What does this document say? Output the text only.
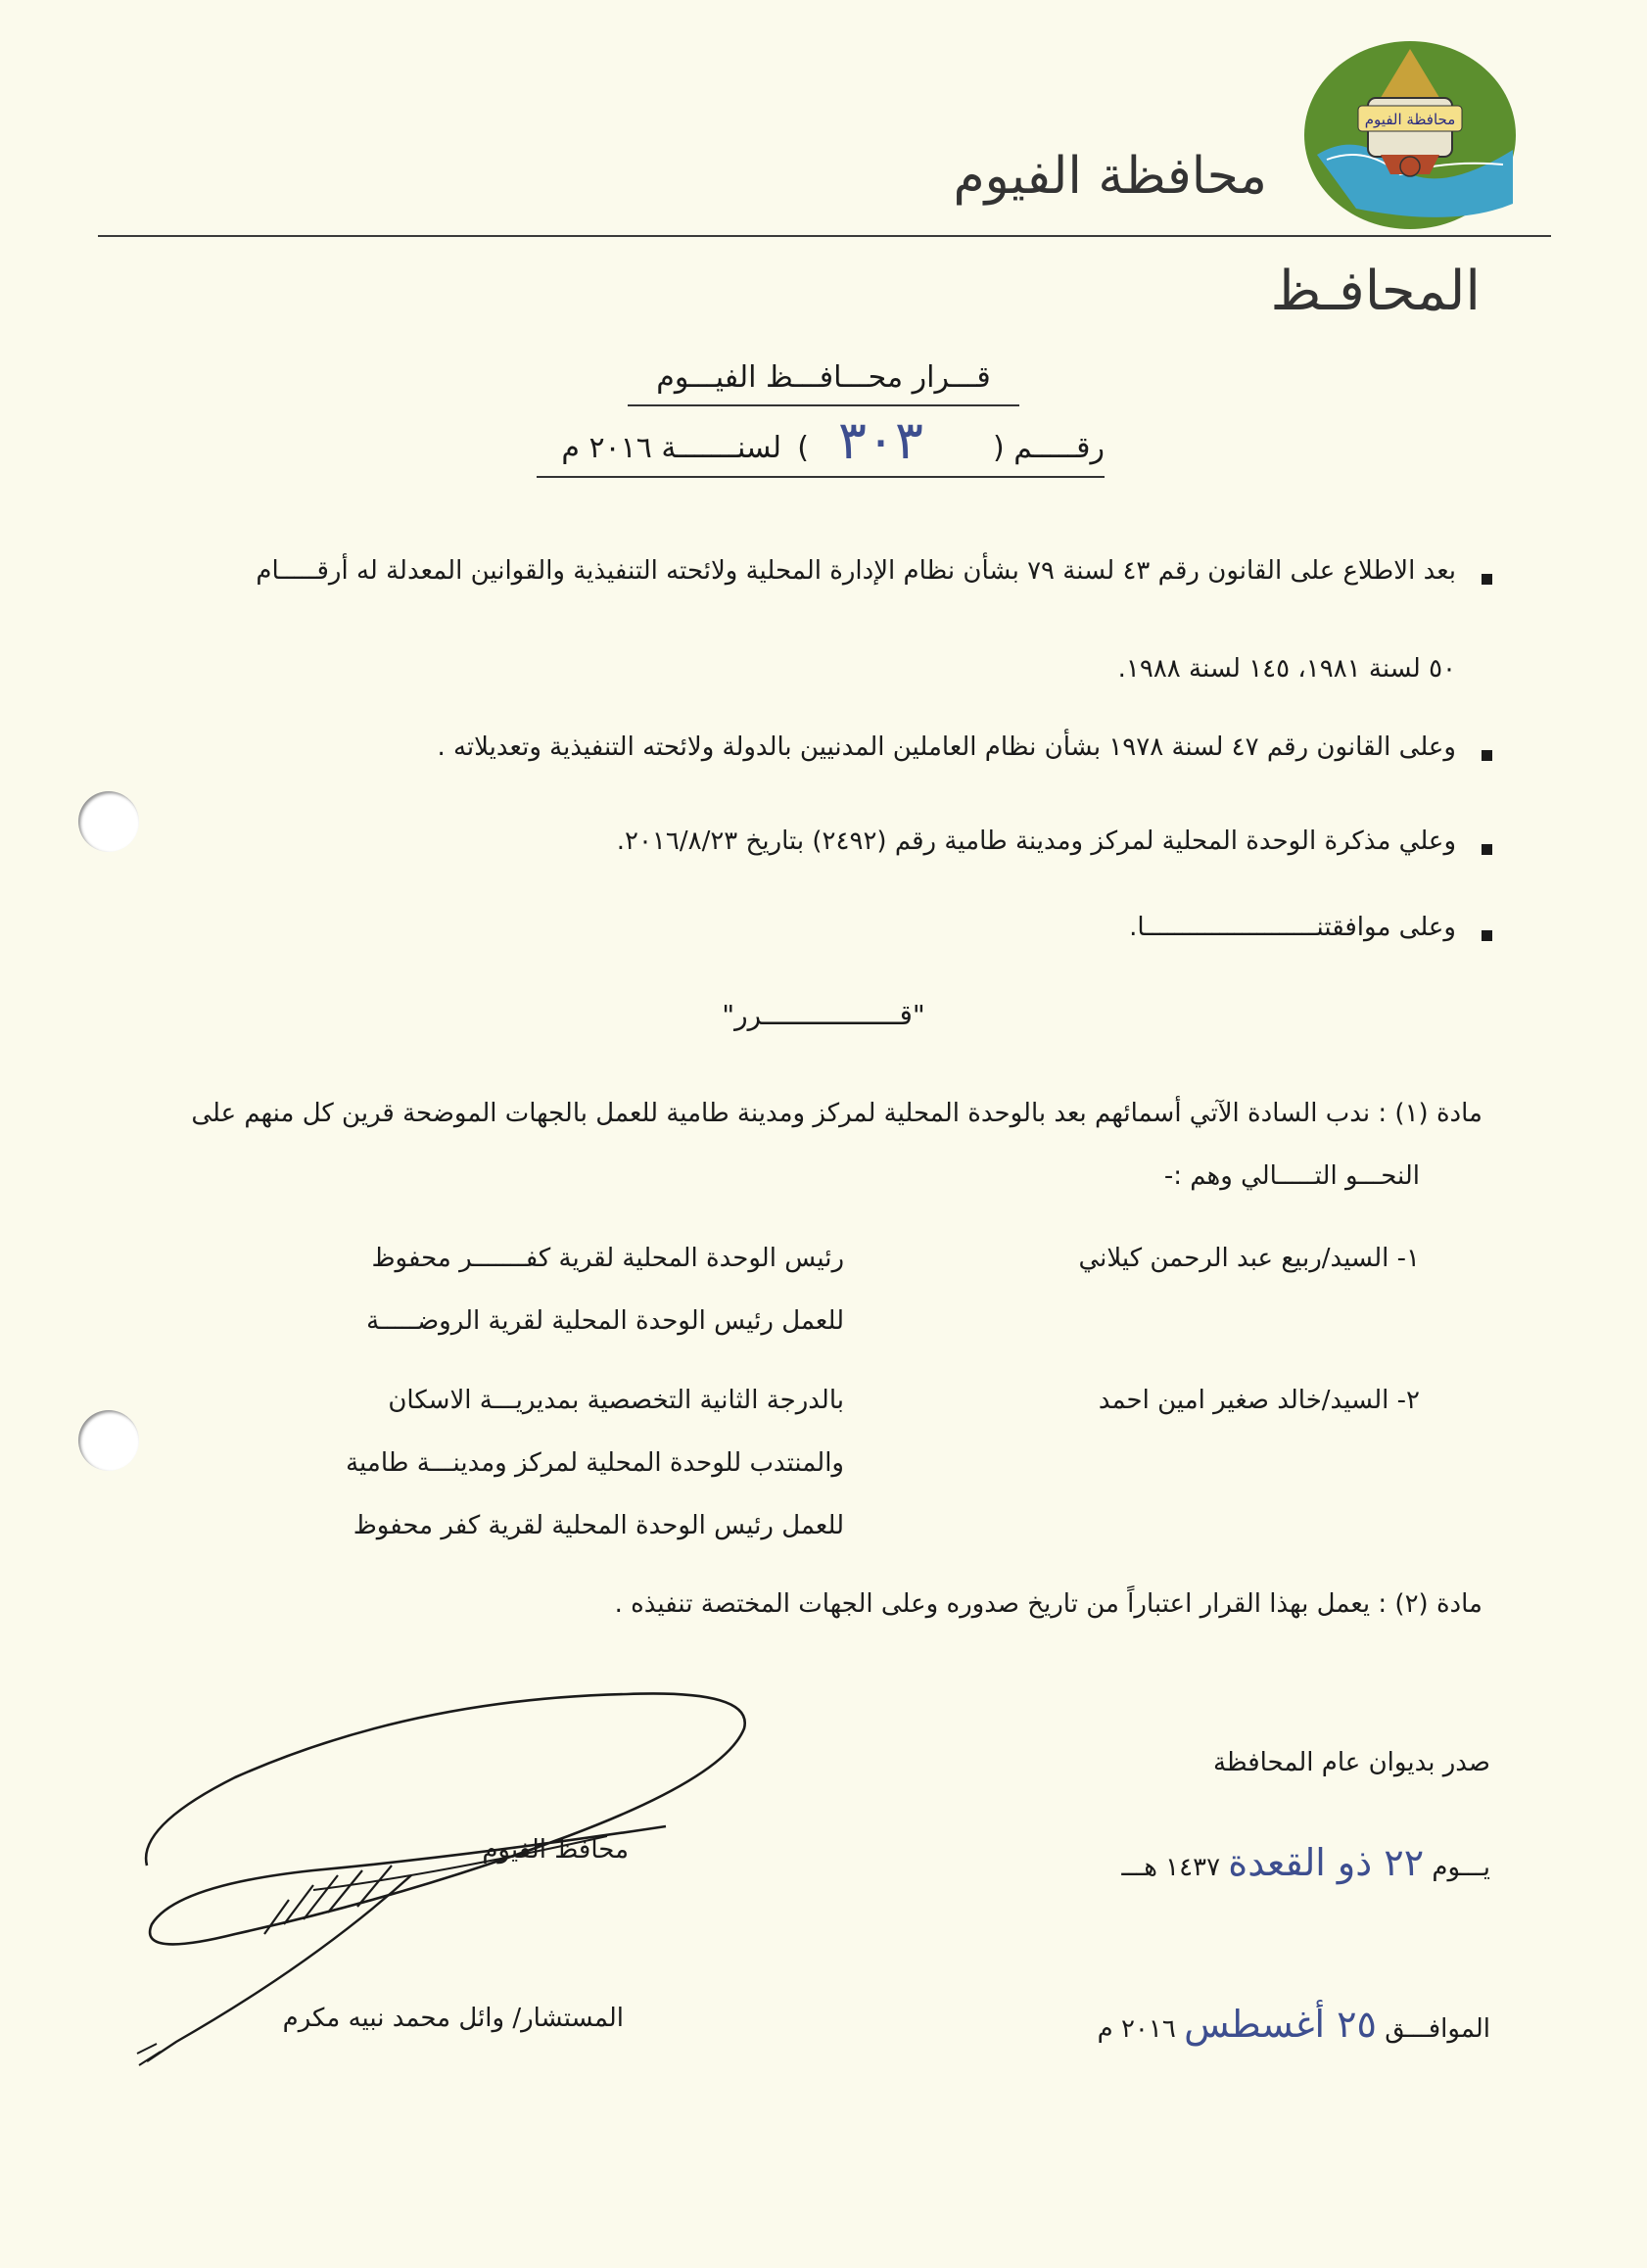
محافظة الفيوم
محافظة الفيوم
المحافـظ
قـــرار محـــافـــظ الفيـــوم
رقـــــم (
٣٠٣
)
لسنـــــــة ٢٠١٦ م
بعد الاطلاع على القانون رقم ٤٣ لسنة ٧٩ بشأن نظام الإدارة المحلية ولائحته التنفيذية والقوانين المعدلة له أرقـــــام
٥٠ لسنة ١٩٨١، ١٤٥ لسنة ١٩٨٨.
وعلى القانون رقم ٤٧ لسنة ١٩٧٨ بشأن نظام العاملين المدنيين بالدولة ولائحته التنفيذية وتعديلاته .
وعلي مذكرة الوحدة المحلية لمركز ومدينة طامية رقم (٢٤٩٢) بتاريخ ٢٠١٦/٨/٢٣.
وعلى موافقتنـــــــــــــــــــــــا.
"قـــــــــــــــــرر"
مادة (١) : ندب السادة الآتي أسمائهم بعد بالوحدة المحلية لمركز ومدينة طامية للعمل بالجهات الموضحة قرين كل منهم على
النحـــو التـــــالي وهم :-
١- السيد/ربيع عبد الرحمن كيلاني
رئيس الوحدة المحلية لقرية كفـــــــر محفوظ
للعمل رئيس الوحدة المحلية لقرية الروضـــــة
٢- السيد/خالد صغير امين احمد
بالدرجة الثانية التخصصية بمديريـــة الاسكان
والمنتدب للوحدة المحلية لمركز ومدينـــة طامية
للعمل رئيس الوحدة المحلية لقرية كفر محفوظ
مادة (٢) : يعمل بهذا القرار اعتباراً من تاريخ صدوره وعلى الجهات المختصة تنفيذه .
صدر بديوان عام المحافظة
يـــوم ٢٢ ذو القعدة ١٤٣٧ هـــ
الموافـــق ٢٥ أغسطس ٢٠١٦ م
محافظ الفيوم
المستشار/ وائل محمد نبيه مكرم
